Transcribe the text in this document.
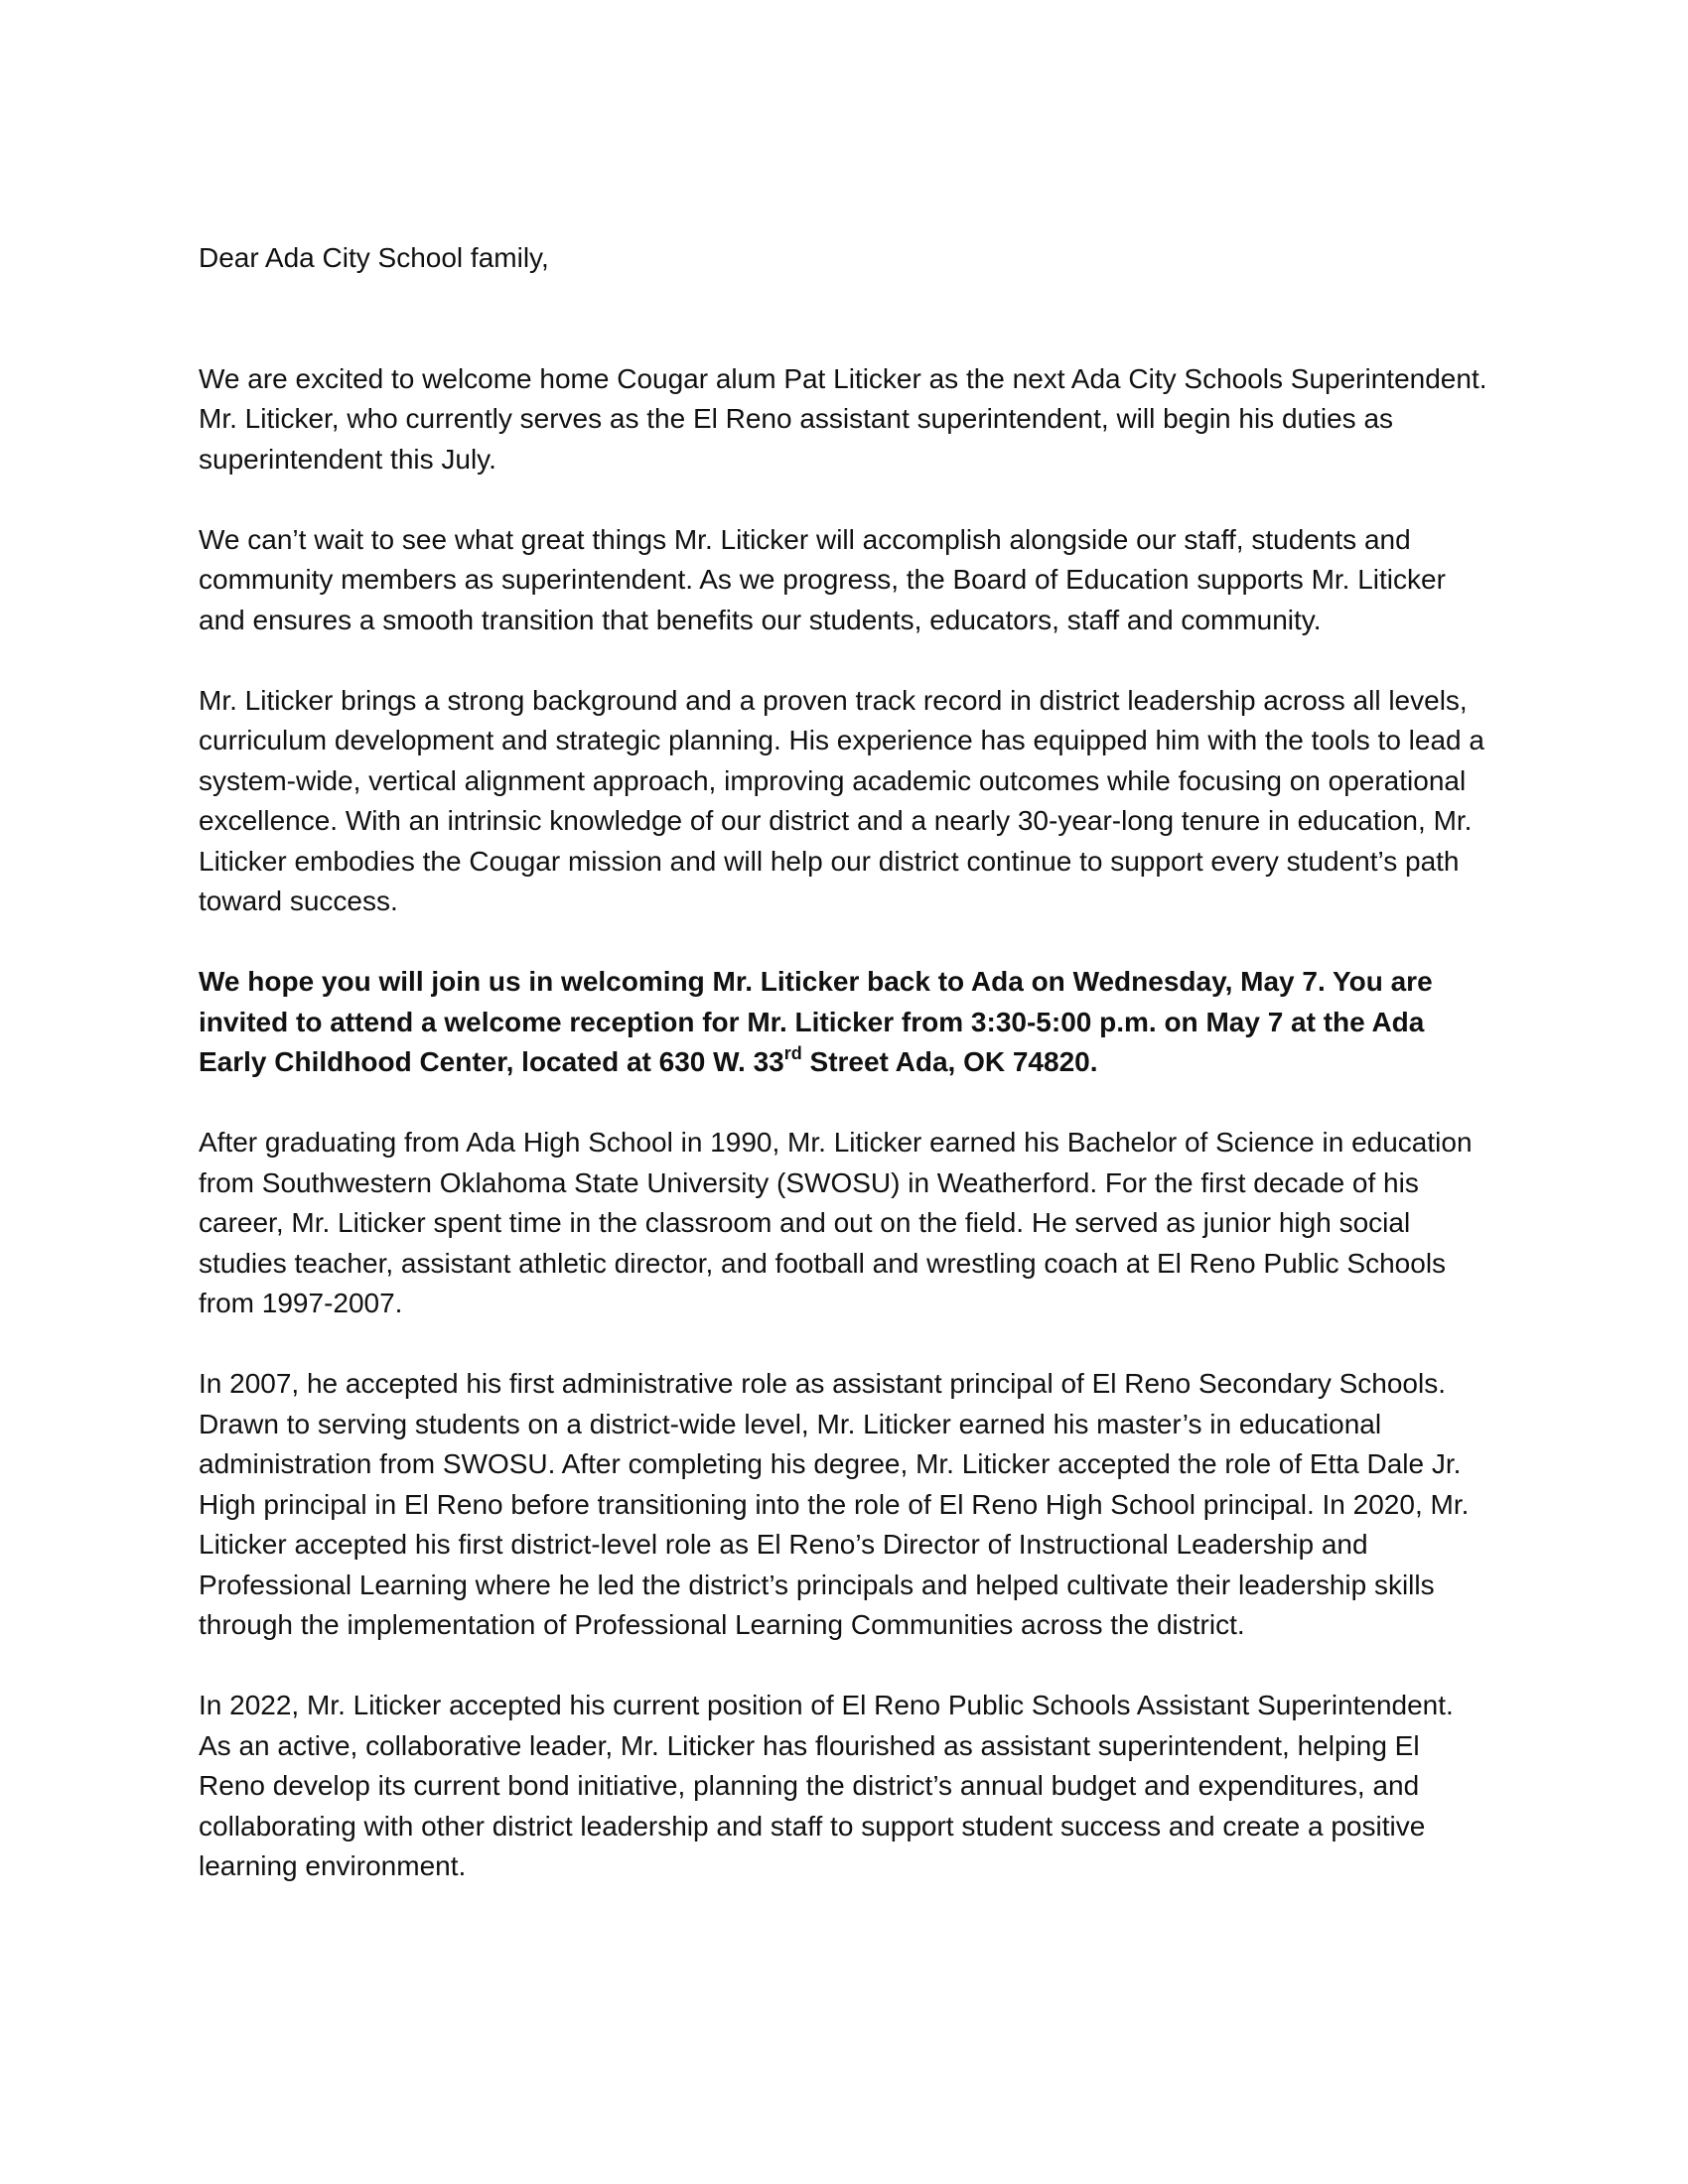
Dear Ada City School family,

We are excited to welcome home Cougar alum Pat Liticker as the next Ada City Schools Superintendent. Mr. Liticker, who currently serves as the El Reno assistant superintendent, will begin his duties as superintendent this July.

We can’t wait to see what great things Mr. Liticker will accomplish alongside our staff, students and community members as superintendent. As we progress, the Board of Education supports Mr. Liticker and ensures a smooth transition that benefits our students, educators, staff and community.

Mr. Liticker brings a strong background and a proven track record in district leadership across all levels, curriculum development and strategic planning. His experience has equipped him with the tools to lead a system-wide, vertical alignment approach, improving academic outcomes while focusing on operational excellence. With an intrinsic knowledge of our district and a nearly 30-year-long tenure in education, Mr. Liticker embodies the Cougar mission and will help our district continue to support every student’s path toward success.

We hope you will join us in welcoming Mr. Liticker back to Ada on Wednesday, May 7. You are invited to attend a welcome reception for Mr. Liticker from 3:30-5:00 p.m. on May 7 at the Ada Early Childhood Center, located at 630 W. 33rd Street Ada, OK 74820.

After graduating from Ada High School in 1990, Mr. Liticker earned his Bachelor of Science in education from Southwestern Oklahoma State University (SWOSU) in Weatherford. For the first decade of his career, Mr. Liticker spent time in the classroom and out on the field. He served as junior high social studies teacher, assistant athletic director, and football and wrestling coach at El Reno Public Schools from 1997-2007.

In 2007, he accepted his first administrative role as assistant principal of El Reno Secondary Schools. Drawn to serving students on a district-wide level, Mr. Liticker earned his master’s in educational administration from SWOSU. After completing his degree, Mr. Liticker accepted the role of Etta Dale Jr. High principal in El Reno before transitioning into the role of El Reno High School principal. In 2020, Mr. Liticker accepted his first district-level role as El Reno’s Director of Instructional Leadership and Professional Learning where he led the district’s principals and helped cultivate their leadership skills through the implementation of Professional Learning Communities across the district.

In 2022, Mr. Liticker accepted his current position of El Reno Public Schools Assistant Superintendent. As an active, collaborative leader, Mr. Liticker has flourished as assistant superintendent, helping El Reno develop its current bond initiative, planning the district’s annual budget and expenditures, and collaborating with other district leadership and staff to support student success and create a positive learning environment.
